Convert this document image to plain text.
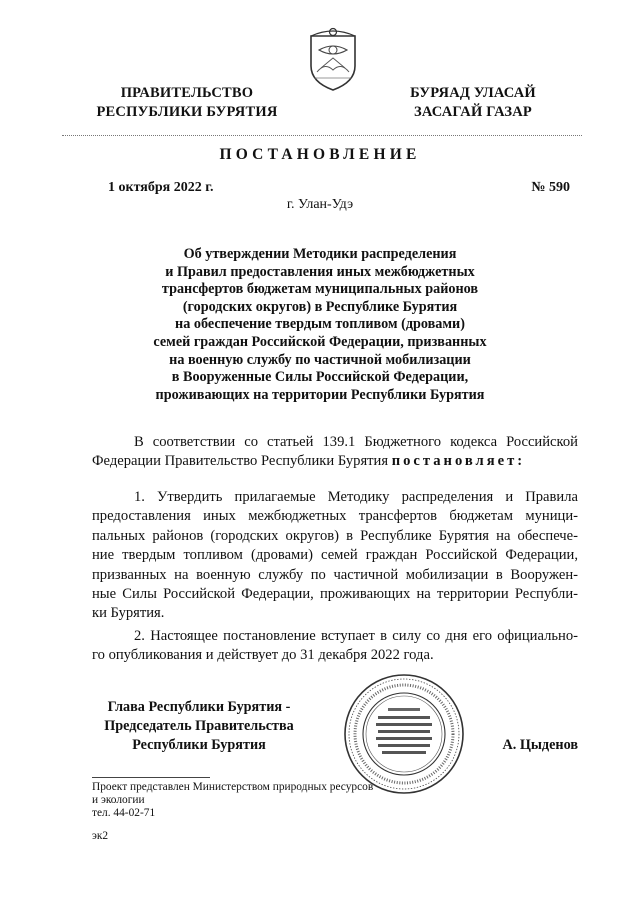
ПРАВИТЕЛЬСТВО
РЕСПУБЛИКИ БУРЯТИЯ
БУРЯАД УЛАСАЙ
ЗАСАГАЙ ГАЗАР
ПОСТАНОВЛЕНИЕ
1 октября 2022 г.	№ 590
г. Улан-Удэ
Об утверждении Методики распределения
и Правил предоставления иных межбюджетных
трансфертов бюджетам муниципальных районов
(городских округов) в Республике Бурятия
на обеспечение твердым топливом (дровами)
семей граждан Российской Федерации, призванных
на военную службу по частичной мобилизации
в Вооруженные Силы Российской Федерации,
проживающих на территории Республики Бурятия
В соответствии со статьей 139.1 Бюджетного кодекса Российской
Федерации Правительство Республики Бурятия постановляет:
1. Утвердить прилагаемые Методику распределения и Правила
предоставления иных межбюджетных трансфертов бюджетам муници-
пальных районов (городских округов) в Республике Бурятия на обеспече-
ние твердым топливом (дровами) семей граждан Российской Федерации,
призванных на военную службу по частичной мобилизации в Вооружен-
ные Силы Российской Федерации, проживающих на территории Республи-
ки Бурятия.
2. Настоящее постановление вступает в силу со дня его официально-
го опубликования и действует до 31 декабря 2022 года.
Глава Республики Бурятия -
Председатель Правительства
Республики Бурятия	А. Цыденов
Проект представлен Министерством природных ресурсов
и экологии
тел. 44-02-71
эк2
